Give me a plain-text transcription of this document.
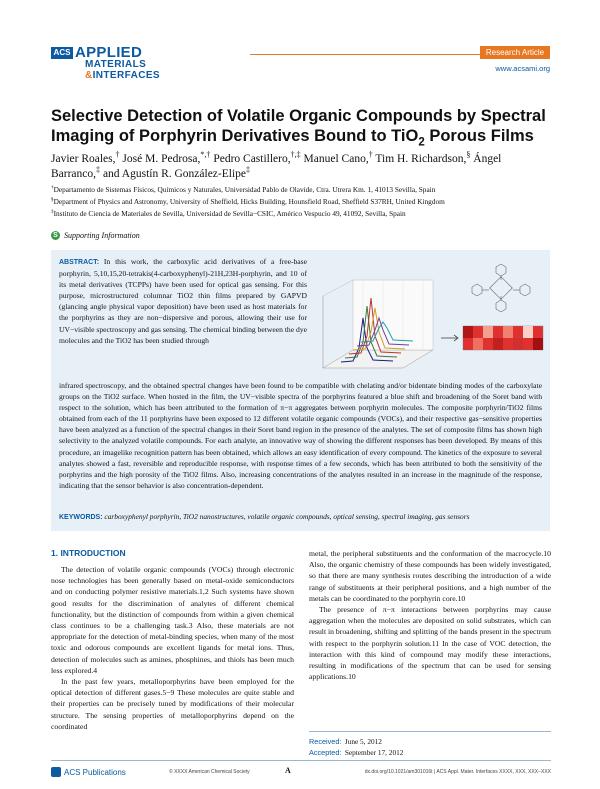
ACS APPLIED
MATERIALS
&INTERFACES
Research Article
www.acsami.org
Selective Detection of Volatile Organic Compounds by Spectral Imaging of Porphyrin Derivatives Bound to TiO$_2$ Porous Films
Javier Roales,† José M. Pedrosa,*,† Pedro Castillero,†,‡ Manuel Cano,† Tim H. Richardson,§ Ángel Barranco,‡ and Agustín R. González-Elipe‡
†Departamento de Sistemas Físicos, Químicos y Naturales, Universidad Pablo de Olavide, Ctra. Utrera Km. 1, 41013 Sevilla, Spain
§Department of Physics and Astronomy, University of Sheffield, Hicks Building, Hounsfield Road, Sheffield S37RH, United Kingdom
‡Instituto de Ciencia de Materiales de Sevilla, Universidad de Sevilla−CSIC, Américo Vespucio 49, 41092, Sevilla, Spain
S Supporting Information
ABSTRACT: In this work, the carboxylic acid derivatives of a free-base porphyrin, 5,10,15,20-tetrakis(4-carboxyphenyl)-21H,23H-porphyrin, and 10 of its metal derivatives (TCPPs) have been used for optical gas sensing. For this purpose, microstructured columnar TiO2 thin films prepared by GAPVD (glancing angle physical vapor deposition) have been used as host materials for the porphyrins as they are non−dispersive and porous, allowing their use for UV−visible spectroscopy and gas sensing. The chemical binding between the dye molecules and the TiO2 has been studied through
infrared spectroscopy, and the obtained spectral changes have been found to be compatible with chelating and/or bidentate binding modes of the carboxylate groups on the TiO2 surface. When hosted in the film, the UV−visible spectra of the porphyrins featured a blue shift and broadening of the Soret band with respect to the solution, which has been attributed to the formation of π−π aggregates between porphyrin molecules. The composite porphyrin/TiO2 films obtained from each of the 11 porphyrins have been exposed to 12 different volatile organic compounds (VOCs), and their respective gas−sensitive properties have been analyzed as a function of the spectral changes in their Soret band region in the presence of the analytes. The set of composite films has shown high selectivity to the analyzed volatile compounds. For each analyte, an innovative way of showing the different responses has been developed. By means of this procedure, an imagelike recognition pattern has been obtained, which allows an easy identification of every compound. The kinetics of the exposure to several analytes showed a fast, reversible and reproducible response, with response times of a few seconds, which has been attributed to both the sensitivity of the porphyrins and the high porosity of the TiO2 films. Also, increasing concentrations of the analytes resulted in an increase in the magnitude of the response, indicating that the sensor behavior is also concentration-dependent.
KEYWORDS: carboxyphenyl porphyrin, TiO2 nanostructures, volatile organic compounds, optical sensing, spectral imaging, gas sensors

1. INTRODUCTION

The detection of volatile organic compounds (VOCs) through electronic nose technologies has been generally based on metal-oxide semiconductors and on conducting polymer resistive materials.1,2 Such systems have shown good results for the discrimination of analytes of different chemical functionality, but the distinction of compounds from within a given chemical class continues to be a challenging task.3 Also, these materials are not appropriate for the detection of metal-binding species, when many of the most toxic and odorous compounds are excellent ligands for metal ions. Thus, detection of molecules such as amines, phosphines, and thiols has been much less explored.4

In the past few years, metalloporphyrins have been employed for the optical detection of different gases.5−9 These molecules are quite stable and their properties can be precisely tuned by modifications of their molecular structure. The sensing properties of metalloporphyrins depend on the coordinated

metal, the peripheral substituents and the conformation of the macrocycle.10 Also, the organic chemistry of these compounds has been widely investigated, so that there are many synthesis routes describing the introduction of a wide range of substituents at their peripheral positions, and a high number of the metals can be coordinated to the porphyrin core.10

The presence of π−π interactions between porphyrins may cause aggregation when the molecules are deposited on solid substrates, which can result in broadening, shifting and splitting of the bands present in the spectrum with respect to the porphyrin solution.11 In the case of VOC detection, the interaction with this kind of compound may modify these interactions, resulting in modifications of the spectrum that can be used for sensing applications.10

Received: June 5, 2012
Accepted: September 17, 2012
ACS Publications	© XXXX American Chemical Society	A	dx.doi.org/10.1021/am301016t | ACS Appl. Mater. Interfaces XXXX, XXX, XXX−XXX
